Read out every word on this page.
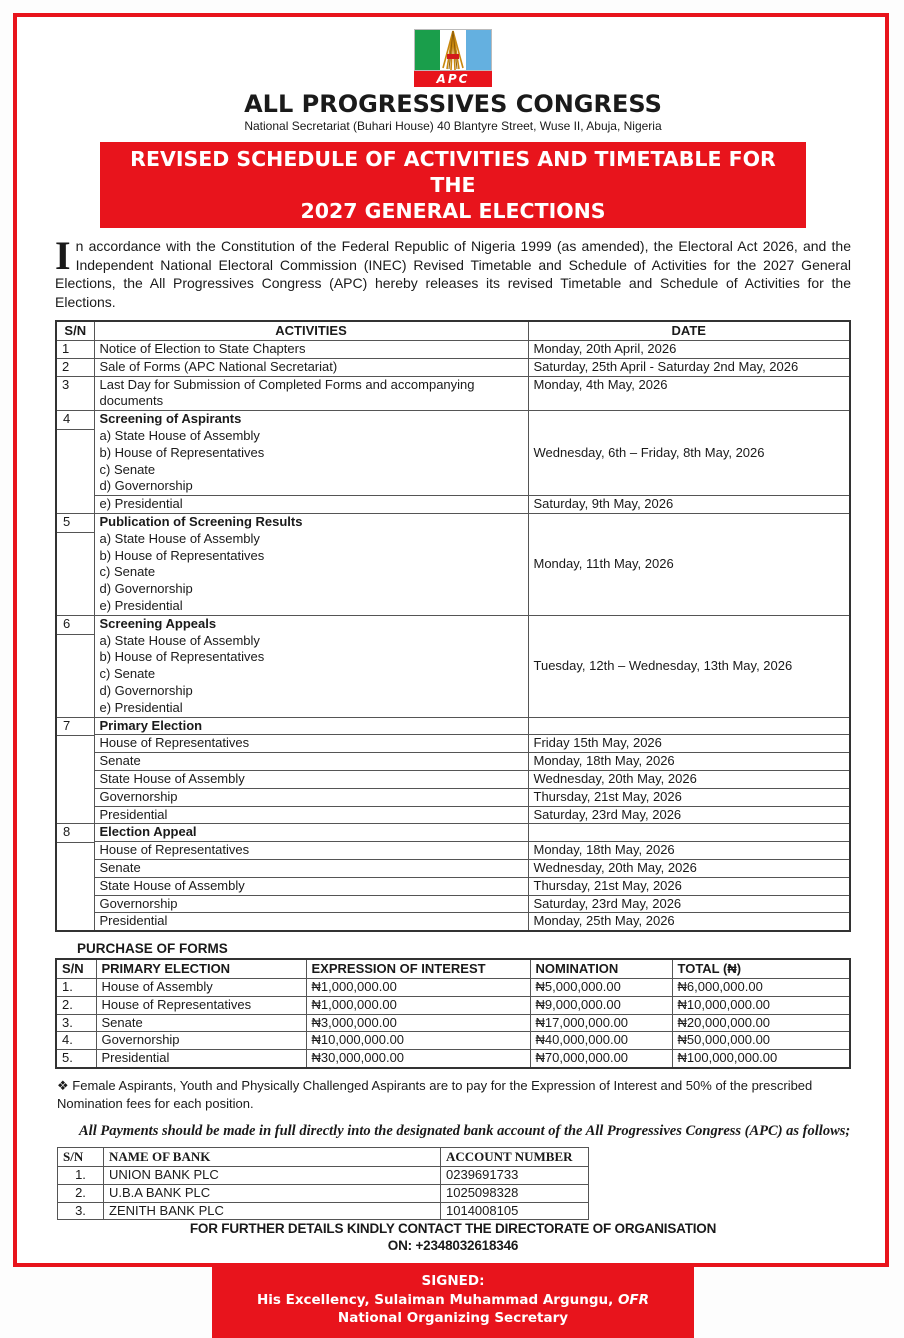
APC
ALL PROGRESSIVES CONGRESS
National Secretariat (Buhari House) 40 Blantyre Street, Wuse II, Abuja, Nigeria
REVISED SCHEDULE OF ACTIVITIES AND TIMETABLE FOR THE
2027 GENERAL ELECTIONS
In accordance with the Constitution of the Federal Republic of Nigeria 1999 (as amended), the Electoral Act 2026, and the Independent National Electoral Commission (INEC) Revised Timetable and Schedule of Activities for the 2027 General Elections, the All Progressives Congress (APC) hereby releases its revised Timetable and Schedule of Activities for the Elections.
S/N	ACTIVITIES	DATE
1	Notice of Election to State Chapters	Monday, 20th April, 2026
2	Sale of Forms (APC National Secretariat)	Saturday, 25th April - Saturday 2nd May, 2026
3	Last Day for Submission of Completed Forms and accompanying documents	Monday, 4th May, 2026

4	Screening of Aspirants
a) State House of Assembly
b) House of Representatives
c) Senate
d) Governorship	Wednesday, 6th – Friday, 8th May, 2026
	e) Presidential	Saturday, 9th May, 2026

5	Publication of Screening Results
a) State House of Assembly
b) House of Representatives
c) Senate
d) Governorship
e) Presidential
	Monday, 11th May, 2026

6	Screening Appeals
a) State House of Assembly
b) House of Representatives
c) Senate
d) Governorship
e) Presidential
	Tuesday, 12th – Wednesday, 13th May, 2026

7	Primary Election	
	House of Representatives	Friday 15th May, 2026
	Senate	Monday, 18th May, 2026
	State House of Assembly	Wednesday, 20th May, 2026
	Governorship	Thursday, 21st May, 2026
	Presidential	Saturday, 23rd May, 2026

8	Election Appeal	
	House of Representatives	Monday, 18th May, 2026
	Senate	Wednesday, 20th May, 2026
	State House of Assembly	Thursday, 21st May, 2026
	Governorship	Saturday, 23rd May, 2026
	Presidential	Monday, 25th May, 2026
PURCHASE OF FORMS
S/N	PRIMARY ELECTION	EXPRESSION OF INTEREST	NOMINATION	TOTAL (₦)
1.	House of Assembly	₦1,000,000.00	₦5,000,000.00	₦6,000,000.00
2.	House of Representatives	₦1,000,000.00	₦9,000,000.00	₦10,000,000.00
3.	Senate	₦3,000,000.00	₦17,000,000.00	₦20,000,000.00
4.	Governorship	₦10,000,000.00	₦40,000,000.00	₦50,000,000.00
5.	Presidential	₦30,000,000.00	₦70,000,000.00	₦100,000,000.00
❖ Female Aspirants, Youth and Physically Challenged Aspirants are to pay for the Expression of Interest and 50% of the prescribed Nomination fees for each position.
All Payments should be made in full directly into the designated bank account of the All Progressives Congress (APC) as follows;
S/N	NAME OF BANK	ACCOUNT NUMBER
1.	UNION BANK PLC	0239691733
2.	U.B.A BANK PLC	1025098328
3.	ZENITH BANK PLC	1014008105
FOR FURTHER DETAILS KINDLY CONTACT THE DIRECTORATE OF ORGANISATION
ON: +2348032618346
SIGNED:
His Excellency, Sulaiman Muhammad Argungu, OFR
National Organizing Secretary
